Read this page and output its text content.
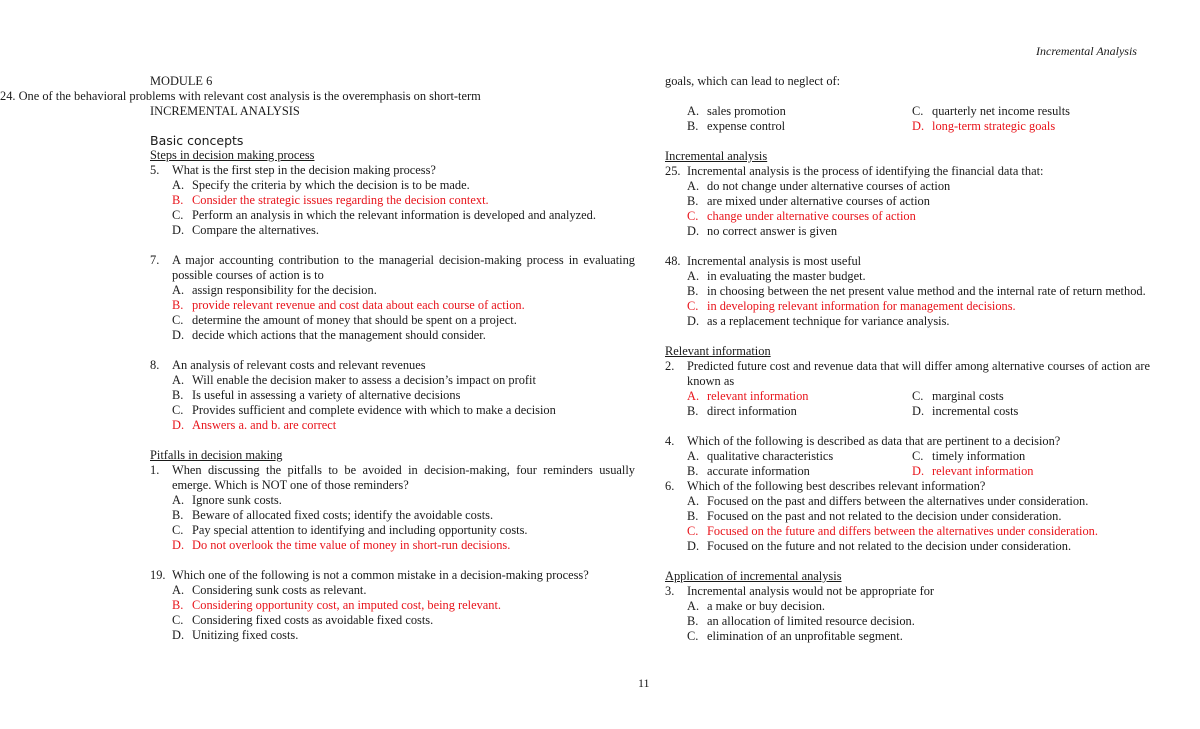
Incremental Analysis
24. One of the behavioral problems with relevant cost analysis is the overemphasis on short-term
MODULE 6
INCREMENTAL ANALYSIS
Basic concepts
Steps in decision making process
5.	What is the first step in the decision making process?
A. Specify the criteria by which the decision is to be made.
B. Consider the strategic issues regarding the decision context.
C. Perform an analysis in which the relevant information is developed and analyzed.
D. Compare the alternatives.
7.	A major accounting contribution to the managerial decision-making process in evaluating possible courses of action is to
A. assign responsibility for the decision.
B. provide relevant revenue and cost data about each course of action.
C. determine the amount of money that should be spent on a project.
D. decide which actions that the management should consider.
8.	An analysis of relevant costs and relevant revenues
A. Will enable the decision maker to assess a decision’s impact on profit
B. Is useful in assessing a variety of alternative decisions
C. Provides sufficient and complete evidence with which to make a decision
D. Answers a. and b. are correct
Pitfalls in decision making
1.	When discussing the pitfalls to be avoided in decision-making, four reminders usually emerge. Which is NOT one of those reminders?
A. Ignore sunk costs.
B. Beware of allocated fixed costs; identify the avoidable costs.
C. Pay special attention to identifying and including opportunity costs.
D. Do not overlook the time value of money in short-run decisions.
19. Which one of the following is not a common mistake in a decision-making process?
A. Considering sunk costs as relevant.
B. Considering opportunity cost, an imputed cost, being relevant.
C. Considering fixed costs as avoidable fixed costs.
D. Unitizing fixed costs.
goals, which can lead to neglect of:
A. sales promotion	C. quarterly net income results
B. expense control	D. long-term strategic goals
Incremental analysis
25. Incremental analysis is the process of identifying the financial data that:
A. do not change under alternative courses of action
B. are mixed under alternative courses of action
C. change under alternative courses of action
D. no correct answer is given
48. Incremental analysis is most useful
A. in evaluating the master budget.
B. in choosing between the net present value method and the internal rate of return method.
C. in developing relevant information for management decisions.
D. as a replacement technique for variance analysis.
Relevant information
2.	Predicted future cost and revenue data that will differ among alternative courses of action are known as
A. relevant information	C. marginal costs
B. direct information	D. incremental costs
4.	Which of the following is described as data that are pertinent to a decision?
A. qualitative characteristics	C. timely information
B. accurate information	D. relevant information
6.	Which of the following best describes relevant information?
A. Focused on the past and differs between the alternatives under consideration.
B. Focused on the past and not related to the decision under consideration.
C. Focused on the future and differs between the alternatives under consideration.
D. Focused on the future and not related to the decision under consideration.
Application of incremental analysis
3.	Incremental analysis would not be appropriate for
A. a make or buy decision.
B. an allocation of limited resource decision.
C. elimination of an unprofitable segment.
11
